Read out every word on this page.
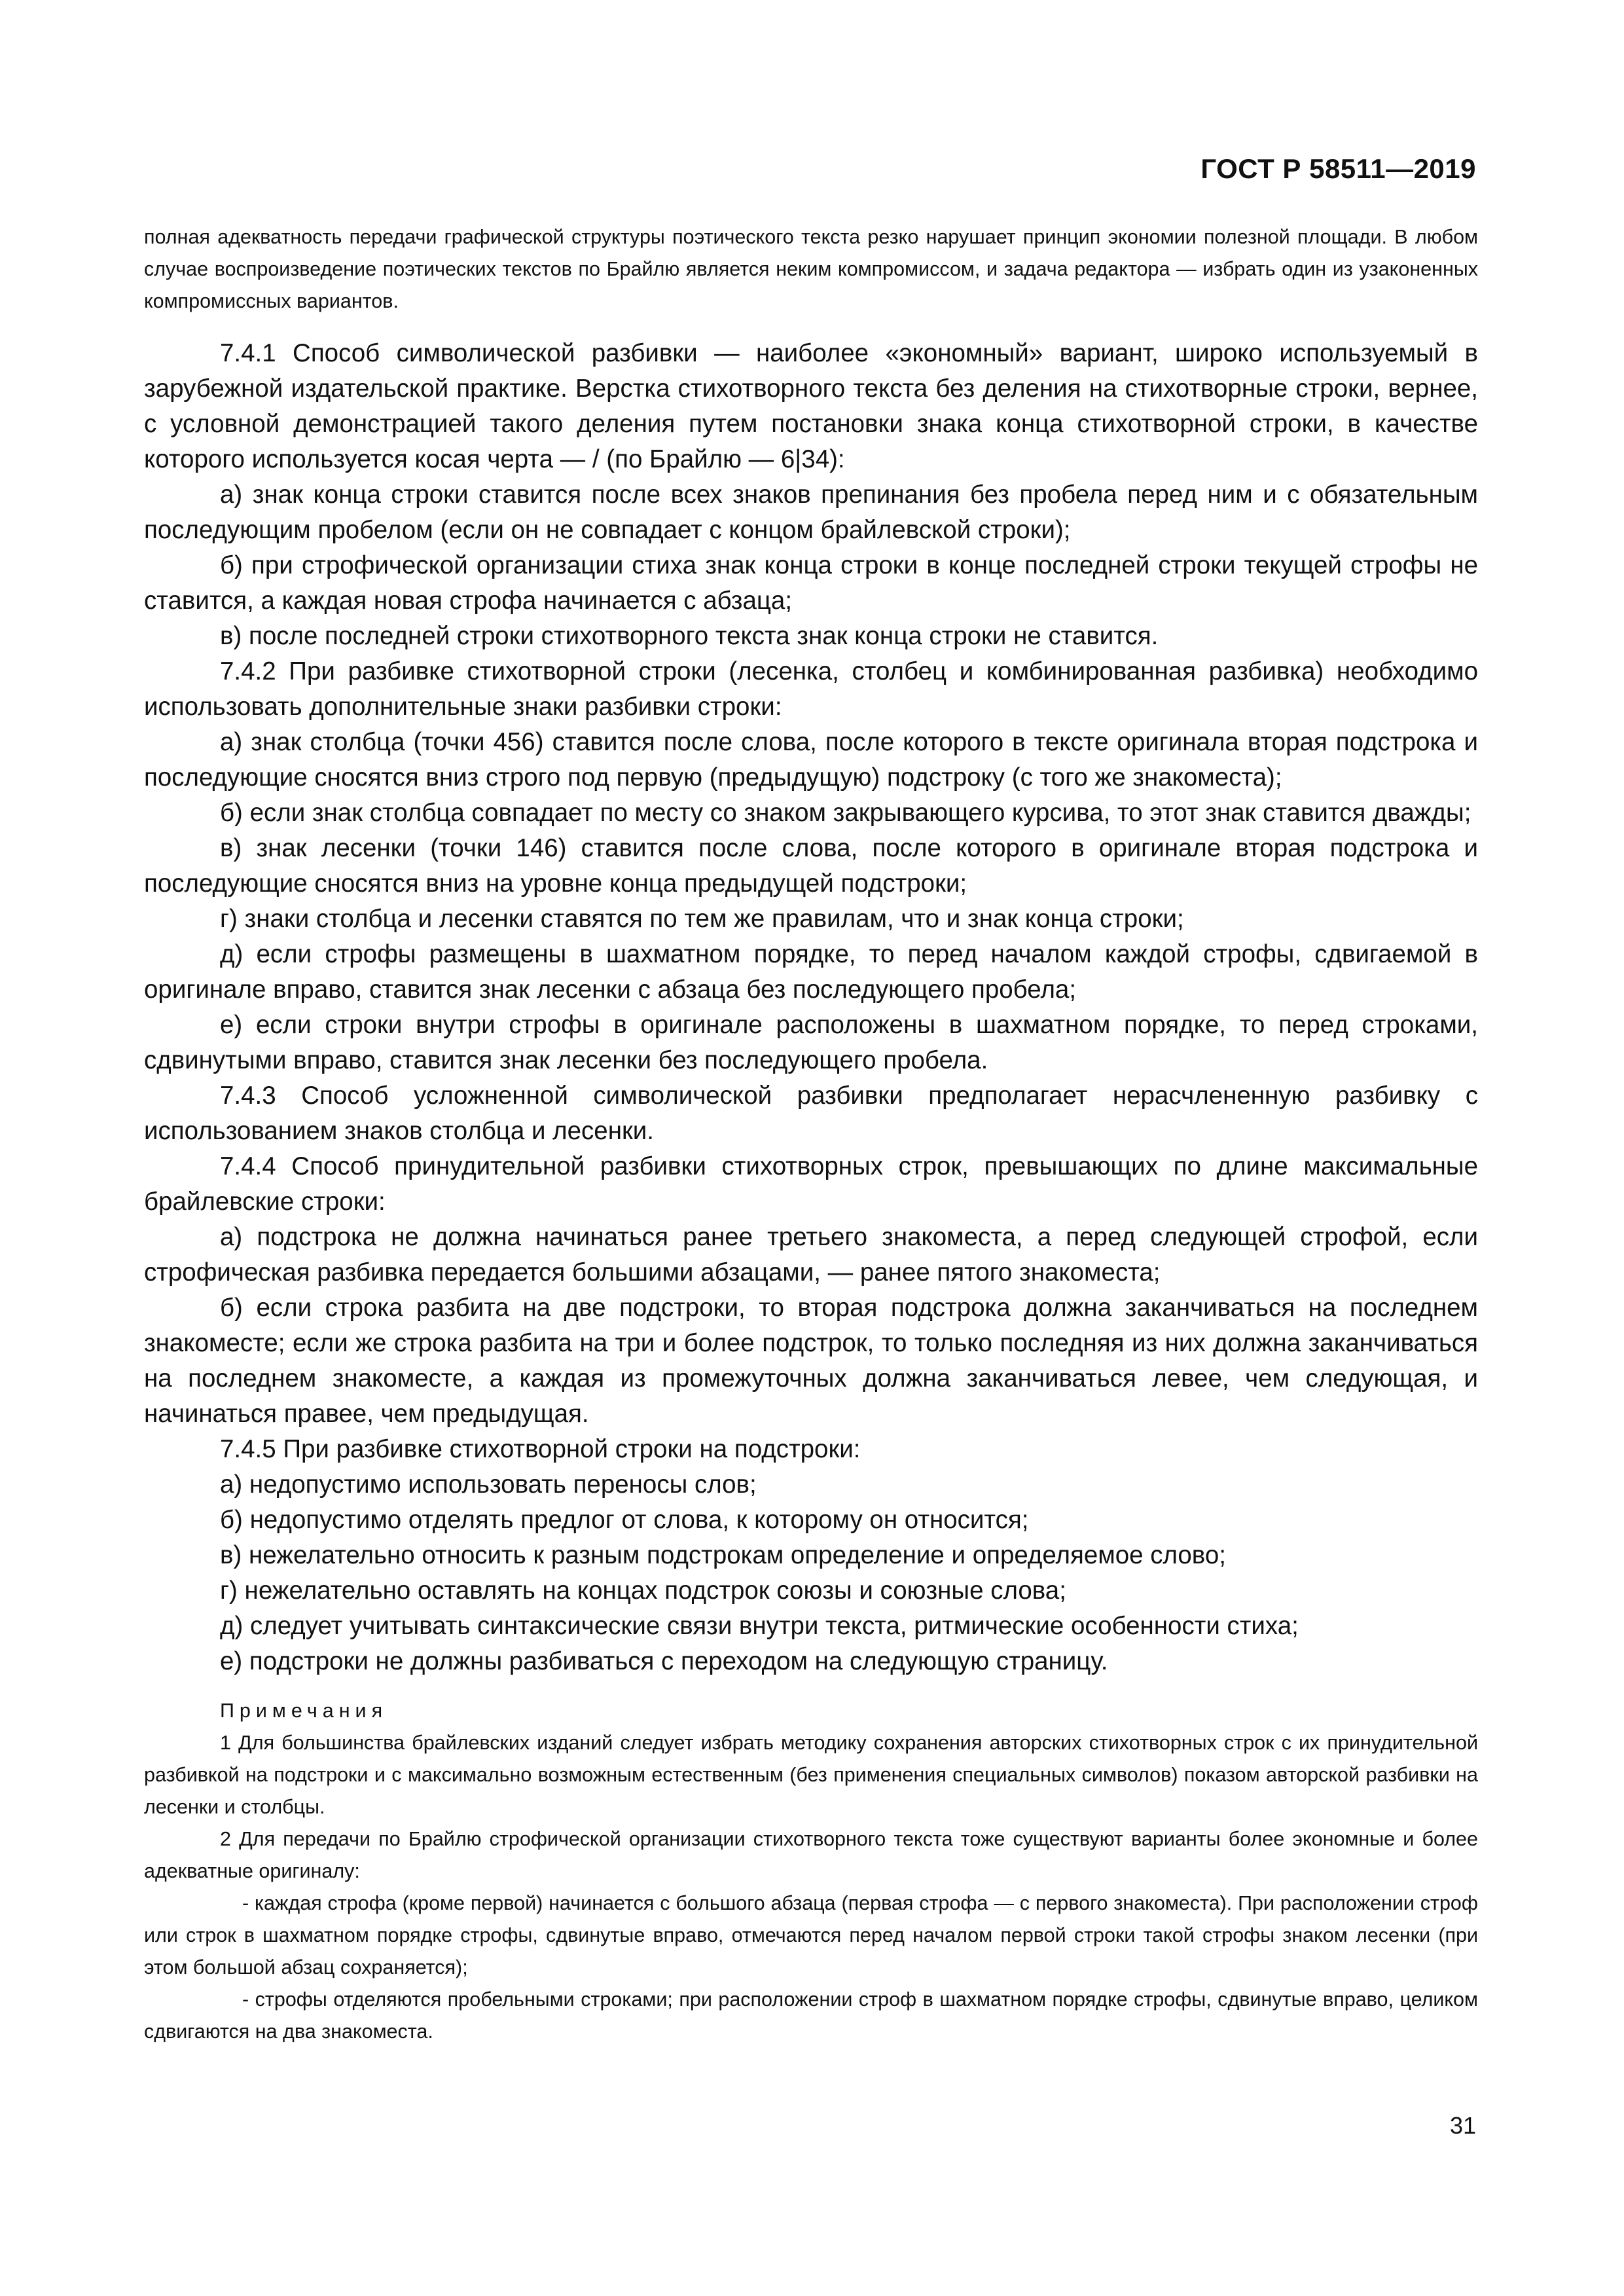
ГОСТ Р 58511—2019

полная адекватность передачи графической структуры поэтического текста резко нарушает принцип экономии полезной площади. В любом случае воспроизведение поэтических текстов по Брайлю является неким компромиссом, и задача редактора — избрать один из узаконенных компромиссных вариантов.

7.4.1 Способ символической разбивки — наиболее «экономный» вариант, широко используемый в зарубежной издательской практике. Верстка стихотворного текста без деления на стихотворные строки, вернее, с условной демонстрацией такого деления путем постановки знака конца стихотворной строки, в качестве которого используется косая черта — / (по Брайлю — 6|34):

а) знак конца строки ставится после всех знаков препинания без пробела перед ним и с обязательным последующим пробелом (если он не совпадает с концом брайлевской строки);

б) при строфической организации стиха знак конца строки в конце последней строки текущей строфы не ставится, а каждая новая строфа начинается с абзаца;

в) после последней строки стихотворного текста знак конца строки не ставится.

7.4.2 При разбивке стихотворной строки (лесенка, столбец и комбинированная разбивка) необходимо использовать дополнительные знаки разбивки строки:

а) знак столбца (точки 456) ставится после слова, после которого в тексте оригинала вторая подстрока и последующие сносятся вниз строго под первую (предыдущую) подстроку (с того же знакоместа);

б) если знак столбца совпадает по месту со знаком закрывающего курсива, то этот знак ставится дважды;

в) знак лесенки (точки 146) ставится после слова, после которого в оригинале вторая подстрока и последующие сносятся вниз на уровне конца предыдущей подстроки;

г) знаки столбца и лесенки ставятся по тем же правилам, что и знак конца строки;

д) если строфы размещены в шахматном порядке, то перед началом каждой строфы, сдвигаемой в оригинале вправо, ставится знак лесенки с абзаца без последующего пробела;

е) если строки внутри строфы в оригинале расположены в шахматном порядке, то перед строками, сдвинутыми вправо, ставится знак лесенки без последующего пробела.

7.4.3 Способ усложненной символической разбивки предполагает нерасчлененную разбивку с использованием знаков столбца и лесенки.

7.4.4 Способ принудительной разбивки стихотворных строк, превышающих по длине максимальные брайлевские строки:

а) подстрока не должна начинаться ранее третьего знакоместа, а перед следующей строфой, если строфическая разбивка передается большими абзацами, — ранее пятого знакоместа;

б) если строка разбита на две подстроки, то вторая подстрока должна заканчиваться на последнем знакоместе; если же строка разбита на три и более подстрок, то только последняя из них должна заканчиваться на последнем знакоместе, а каждая из промежуточных должна заканчиваться левее, чем следующая, и начинаться правее, чем предыдущая.

7.4.5 При разбивке стихотворной строки на подстроки:

а) недопустимо использовать переносы слов;

б) недопустимо отделять предлог от слова, к которому он относится;

в) нежелательно относить к разным подстрокам определение и определяемое слово;

г) нежелательно оставлять на концах подстрок союзы и союзные слова;

д) следует учитывать синтаксические связи внутри текста, ритмические особенности стиха;

е) подстроки не должны разбиваться с переходом на следующую страницу.

Примечания

1 Для большинства брайлевских изданий следует избрать методику сохранения авторских стихотворных строк с их принудительной разбивкой на подстроки и с максимально возможным естественным (без применения специальных символов) показом авторской разбивки на лесенки и столбцы.

2 Для передачи по Брайлю строфической организации стихотворного текста тоже существуют варианты более экономные и более адекватные оригиналу:

- каждая строфа (кроме первой) начинается с большого абзаца (первая строфа — с первого знакоместа). При расположении строф или строк в шахматном порядке строфы, сдвинутые вправо, отмечаются перед началом первой строки такой строфы знаком лесенки (при этом большой абзац сохраняется);

- строфы отделяются пробельными строками; при расположении строф в шахматном порядке строфы, сдвинутые вправо, целиком сдвигаются на два знакоместа.

31
